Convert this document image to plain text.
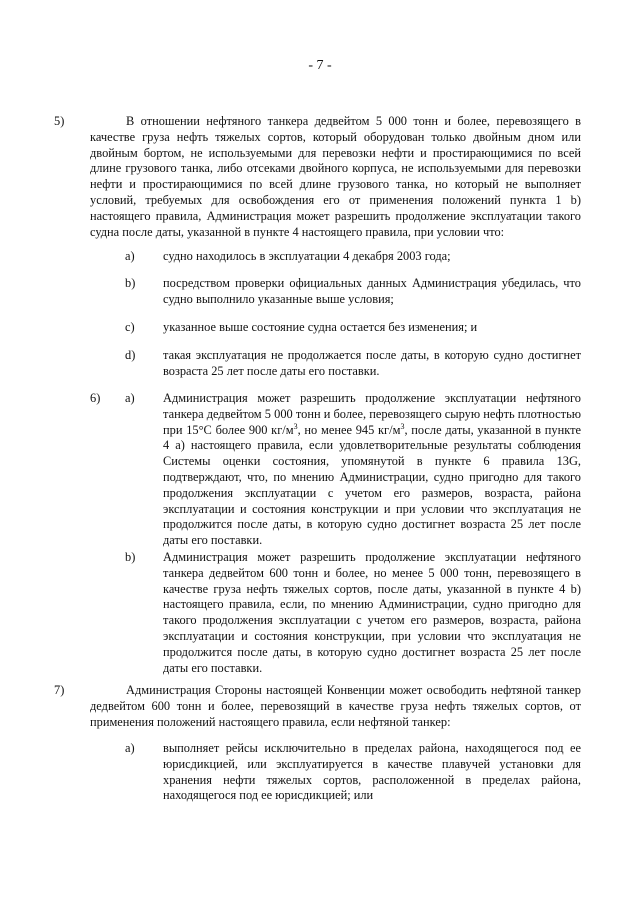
- 7 -
5)	В отношении нефтяного танкера дедвейтом 5 000 тонн и более, перевозящего в качестве груза нефть тяжелых сортов, который оборудован только двойным дном или двойным бортом, не используемыми для перевозки нефти и простирающимися по всей длине грузового танка, либо отсеками двойного корпуса, не используемыми для перевозки нефти и простирающимися по всей длине грузового танка, но который не выполняет условий, требуемых для освобождения его от применения положений пункта 1 b) настоящего правила, Администрация может разрешить продолжение эксплуатации такого судна после даты, указанной в пункте 4 настоящего правила, при условии что:
a) судно находилось в эксплуатации 4 декабря 2003 года;
b) посредством проверки официальных данных Администрация убедилась, что судно выполнило указанные выше условия;
c) указанное выше состояние судна остается без изменения; и
d) такая эксплуатация не продолжается после даты, в которую судно достигнет возраста 25 лет после даты его поставки.
6) a) Администрация может разрешить продолжение эксплуатации нефтяного танкера дедвейтом 5 000 тонн и более, перевозящего сырую нефть плотностью при 15°С более 900 $кг/м^3$, но менее 945 $кг/м^3$, после даты, указанной в пункте 4 а) настоящего правила, если удовлетворительные результаты соблюдения Системы оценки состояния, упомянутой в пункте 6 правила 13G, подтверждают, что, по мнению Администрации, судно пригодно для такого продолжения эксплуатации с учетом его размеров, возраста, района эксплуатации и состояния конструкции и при условии что эксплуатация не продолжится после даты, в которую судно достигнет возраста 25 лет после даты его поставки.
b) Администрация может разрешить продолжение эксплуатации нефтяного танкера дедвейтом 600 тонн и более, но менее 5 000 тонн, перевозящего в качестве груза нефть тяжелых сортов, после даты, указанной в пункте 4 b) настоящего правила, если, по мнению Администрации, судно пригодно для такого продолжения эксплуатации с учетом его размеров, возраста, района эксплуатации и состояния конструкции, при условии что эксплуатация не продолжится после даты, в которую судно достигнет возраста 25 лет после даты его поставки.
7)	Администрация Стороны настоящей Конвенции может освободить нефтяной танкер дедвейтом 600 тонн и более, перевозящий в качестве груза нефть тяжелых сортов, от применения положений настоящего правила, если нефтяной танкер:
a) выполняет рейсы исключительно в пределах района, находящегося под ее юрисдикцией, или эксплуатируется в качестве плавучей установки для хранения нефти тяжелых сортов, расположенной в пределах района, находящегося под ее юрисдикцией; или
